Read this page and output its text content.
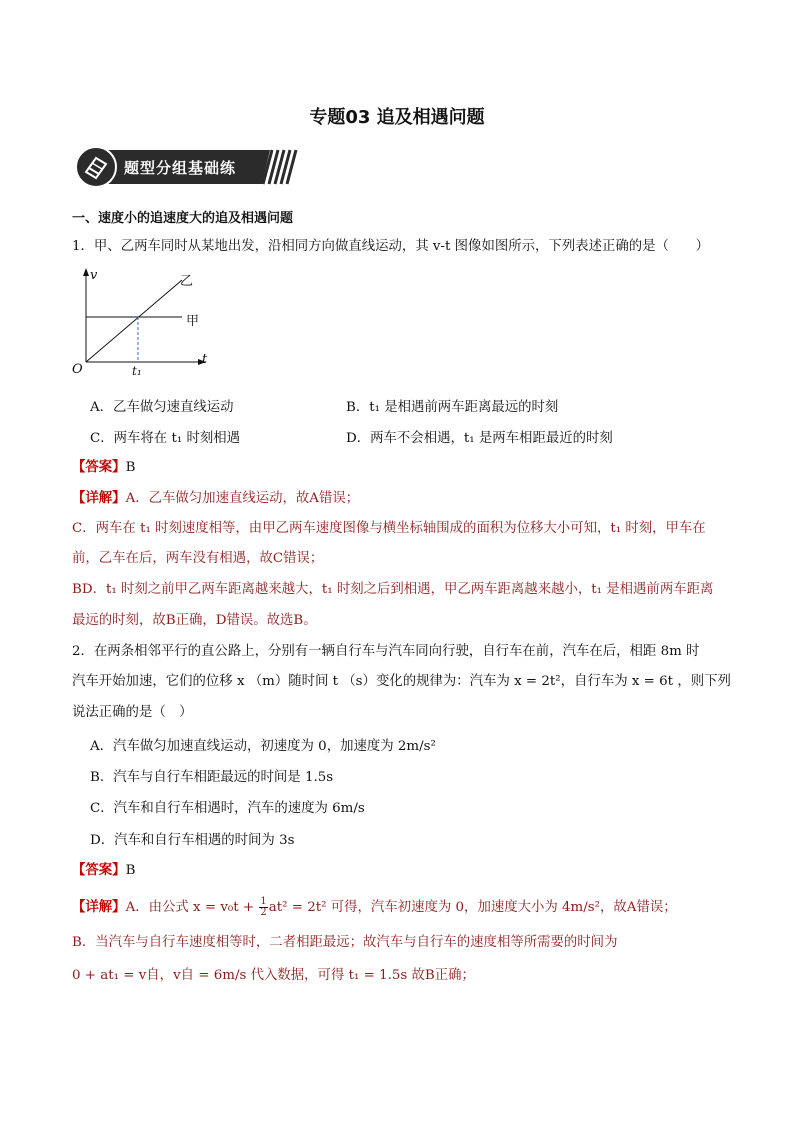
专题03 追及相遇问题
题型分组基础练
一、速度小的追速度大的追及相遇问题
1．甲、乙两车同时从某地出发，沿相同方向做直线运动，其 v-t 图像如图所示，下列表述正确的是（　　）
v
t
O	t₁
乙
甲
A．乙车做匀速直线运动	B．t₁ 是相遇前两车距离最远的时刻
C．两车将在 t₁ 时刻相遇	D．两车不会相遇，t₁ 是两车相距最近的时刻
【答案】B
【详解】A．乙车做匀加速直线运动，故A错误；
C．两车在 t₁ 时刻速度相等，由甲乙两车速度图像与横坐标轴围成的面积为位移大小可知，t₁ 时刻，甲车在
前，乙车在后，两车没有相遇，故C错误；
BD．t₁ 时刻之前甲乙两车距离越来越大，t₁ 时刻之后到相遇，甲乙两车距离越来越小，t₁ 是相遇前两车距离
最远的时刻，故B正确，D错误。故选B。
2．在两条相邻平行的直公路上，分别有一辆自行车与汽车同向行驶，自行车在前，汽车在后，相距 8m 时
汽车开始加速，它们的位移 x （m）随时间 t （s）变化的规律为：汽车为 x = 2t²，自行车为 x = 6t ，则下列
说法正确的是（　）
A．汽车做匀加速直线运动，初速度为 0，加速度为 2m/s²
B．汽车与自行车相距最远的时间是 1.5s
C．汽车和自行车相遇时，汽车的速度为 6m/s
D．汽车和自行车相遇的时间为 3s
【答案】B
【详解】A．由公式 $x = v_0t + \frac{1}{2} at^2 = 2t^2$ 可得，汽车初速度为 0，加速度大小为 4m/s²，故A错误；
B．当汽车与自行车速度相等时，二者相距最远；故汽车与自行车的速度相等所需要的时间为
0 + at₁ = v自，v自 = 6m/s 代入数据，可得 t₁ = 1.5s 故B正确；
